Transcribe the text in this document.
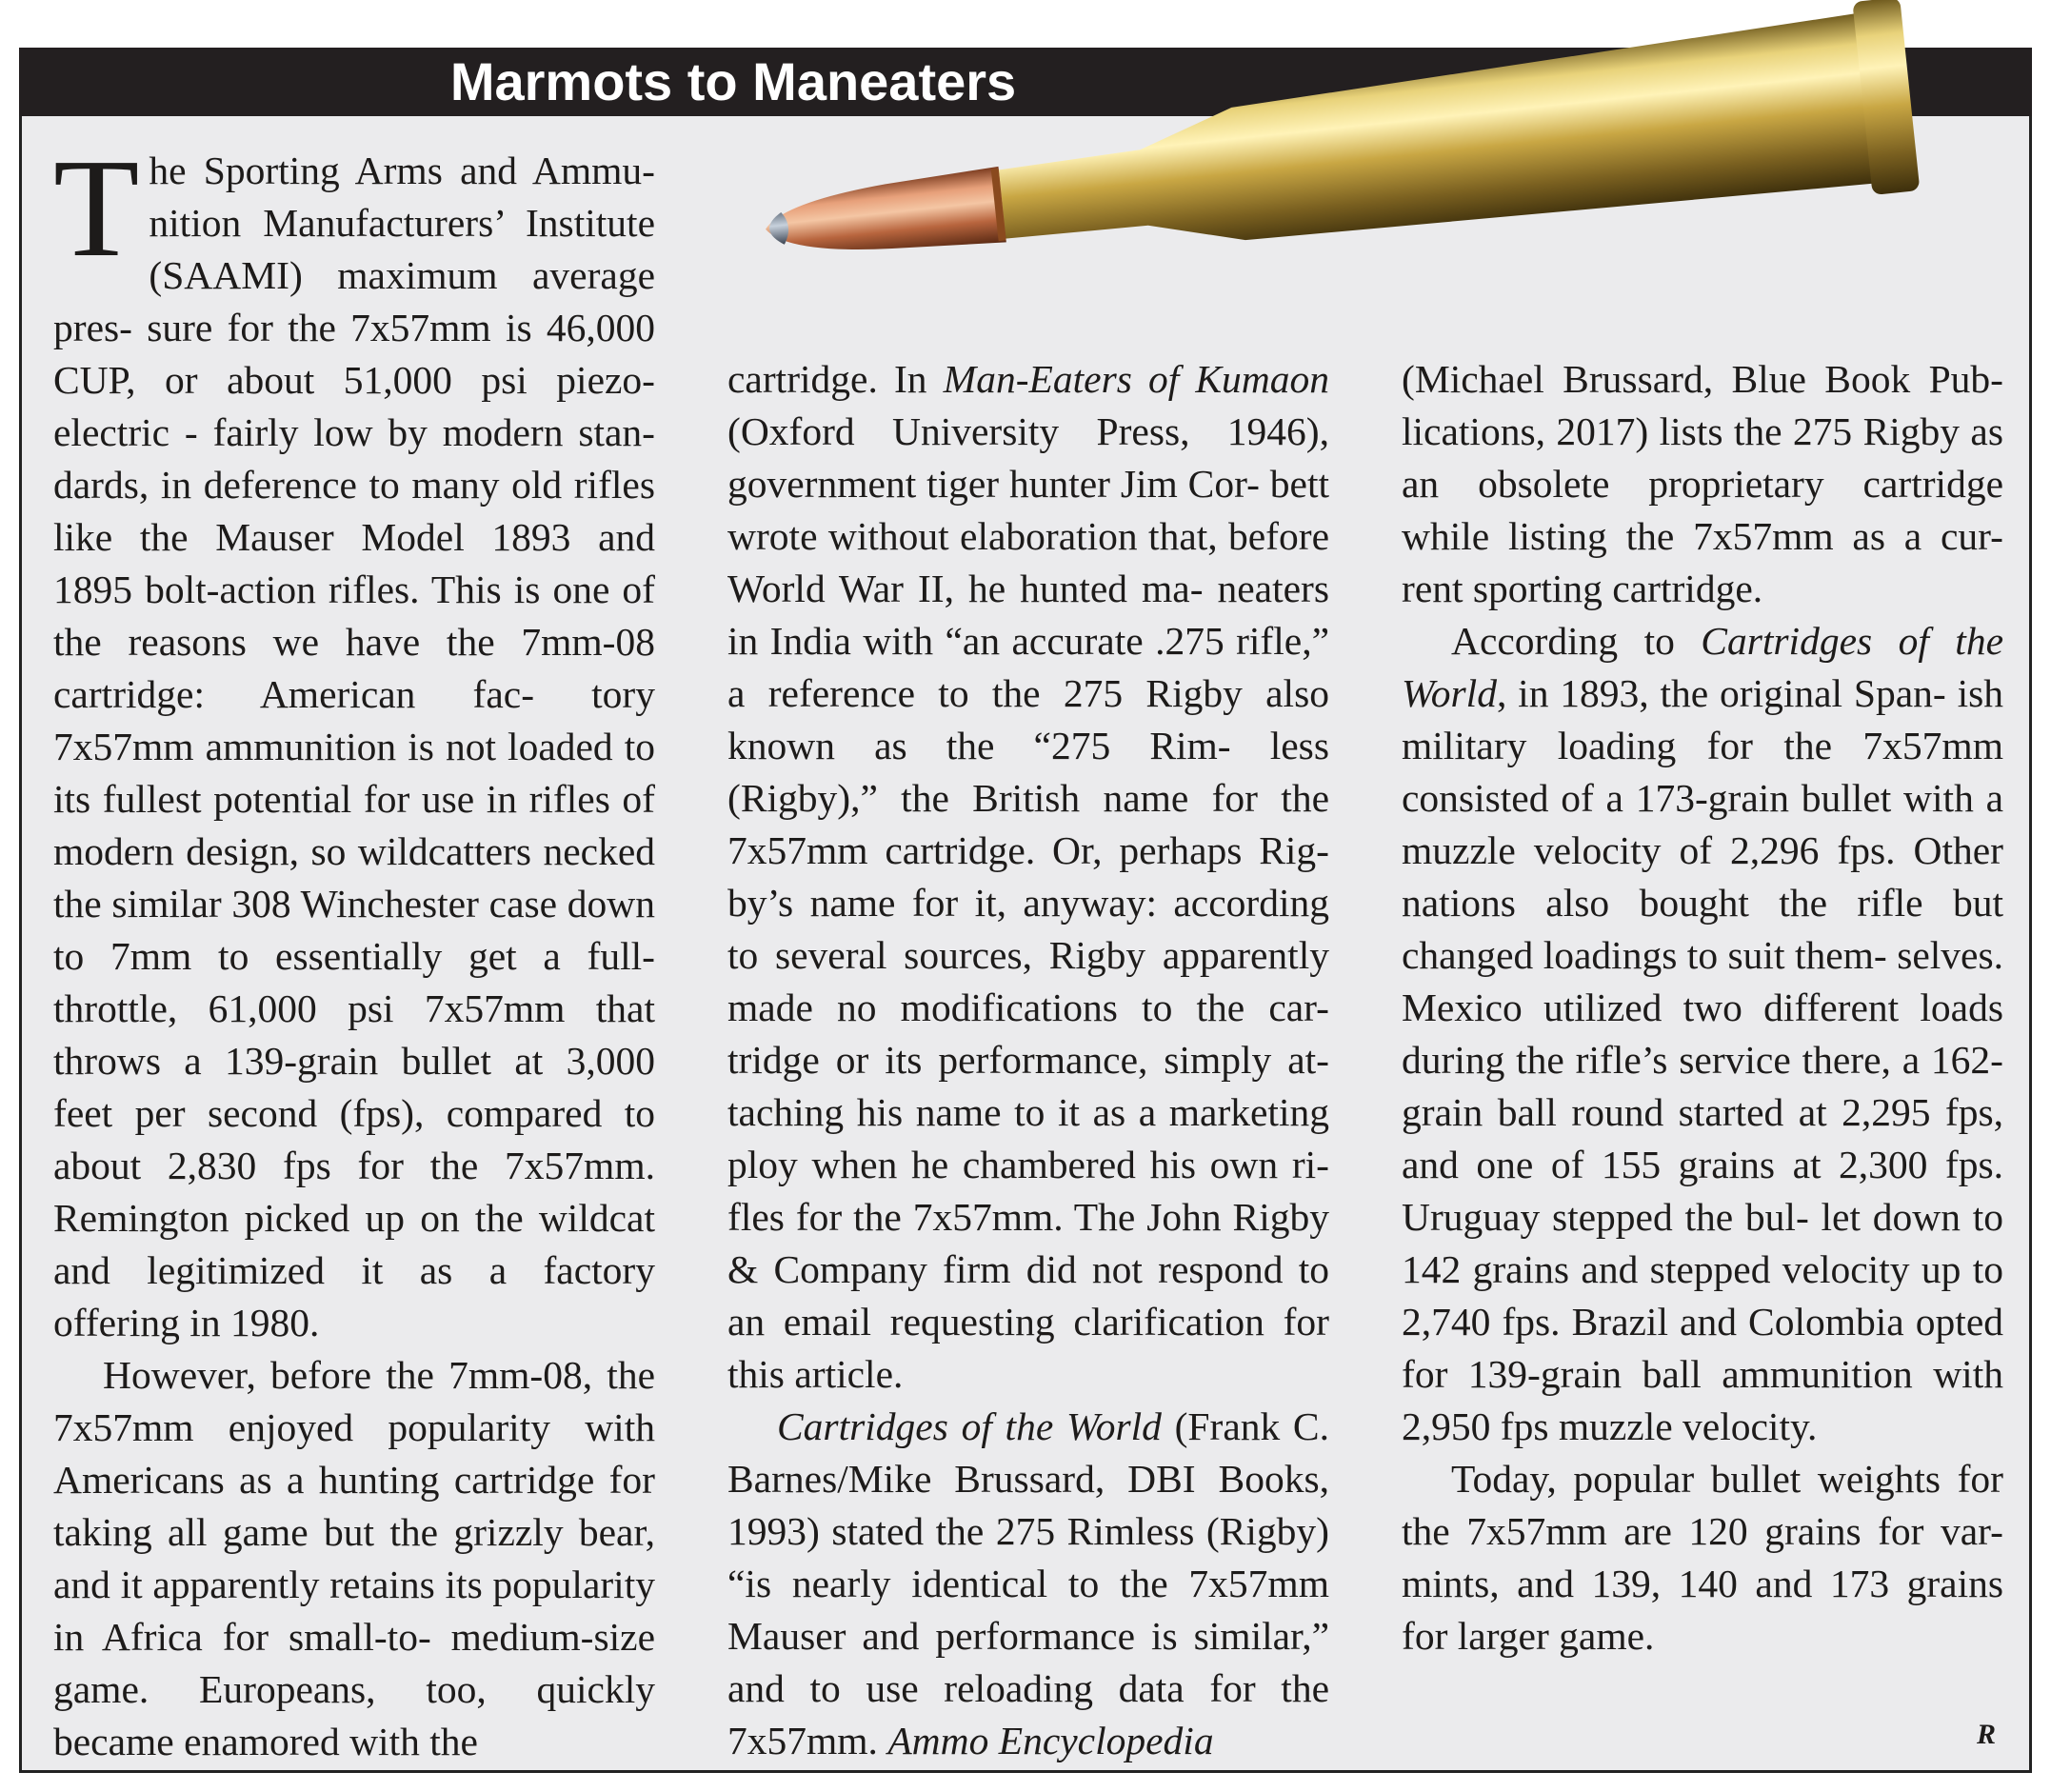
Marmots to Maneaters

The Sporting Arms and Ammu- nition Manufacturers’ Institute (SAAMI) maximum average pres- sure for the 7x57mm is 46,000 CUP, or about 51,000 psi piezo- electric - fairly low by modern stan- dards, in deference to many old rifles like the Mauser Model 1893 and 1895 bolt-action rifles. This is one of the reasons we have the 7mm-08 cartridge: American fac- tory 7x57mm ammunition is not loaded to its fullest potential for use in rifles of modern design, so wildcatters necked the similar 308 Winchester case down to 7mm to essentially get a full-throttle, 61,000 psi 7x57mm that throws a 139-grain bullet at 3,000 feet per second (fps), compared to about 2,830 fps for the 7x57mm. Remington picked up on the wildcat and legitimized it as a factory offering in 1980.

However, before the 7mm-08, the 7x57mm enjoyed popularity with Americans as a hunting cartridge for taking all game but the grizzly bear, and it apparently retains its popularity in Africa for small-to- medium-size game. Europeans, too, quickly became enamored with the

cartridge. In Man-Eaters of Kumaon (Oxford University Press, 1946), government tiger hunter Jim Cor- bett wrote without elaboration that, before World War II, he hunted ma- neaters in India with “an accurate .275 rifle,” a reference to the 275 Rigby also known as the “275 Rim- less (Rigby),” the British name for the 7x57mm cartridge. Or, perhaps Rig- by’s name for it, anyway: according to several sources, Rigby apparently made no modifications to the car- tridge or its performance, simply at- taching his name to it as a marketing ploy when he chambered his own ri- fles for the 7x57mm. The John Rigby & Company firm did not respond to an email requesting clarification for this article.

Cartridges of the World (Frank C. Barnes/Mike Brussard, DBI Books, 1993) stated the 275 Rimless (Rigby) “is nearly identical to the 7x57mm Mauser and performance is similar,” and to use reloading data for the 7x57mm. Ammo Encyclopedia

(Michael Brussard, Blue Book Pub- lications, 2017) lists the 275 Rigby as an obsolete proprietary cartridge while listing the 7x57mm as a cur- rent sporting cartridge.

According to Cartridges of the World, in 1893, the original Span- ish military loading for the 7x57mm consisted of a 173-grain bullet with a muzzle velocity of 2,296 fps. Other nations also bought the rifle but changed loadings to suit them- selves. Mexico utilized two different loads during the rifle’s service there, a 162-grain ball round started at 2,295 fps, and one of 155 grains at 2,300 fps. Uruguay stepped the bul- let down to 142 grains and stepped velocity up to 2,740 fps. Brazil and Colombia opted for 139-grain ball ammunition with 2,950 fps muzzle velocity.

Today, popular bullet weights for the 7x57mm are 120 grains for var- mints, and 139, 140 and 173 grains for larger game.

R
